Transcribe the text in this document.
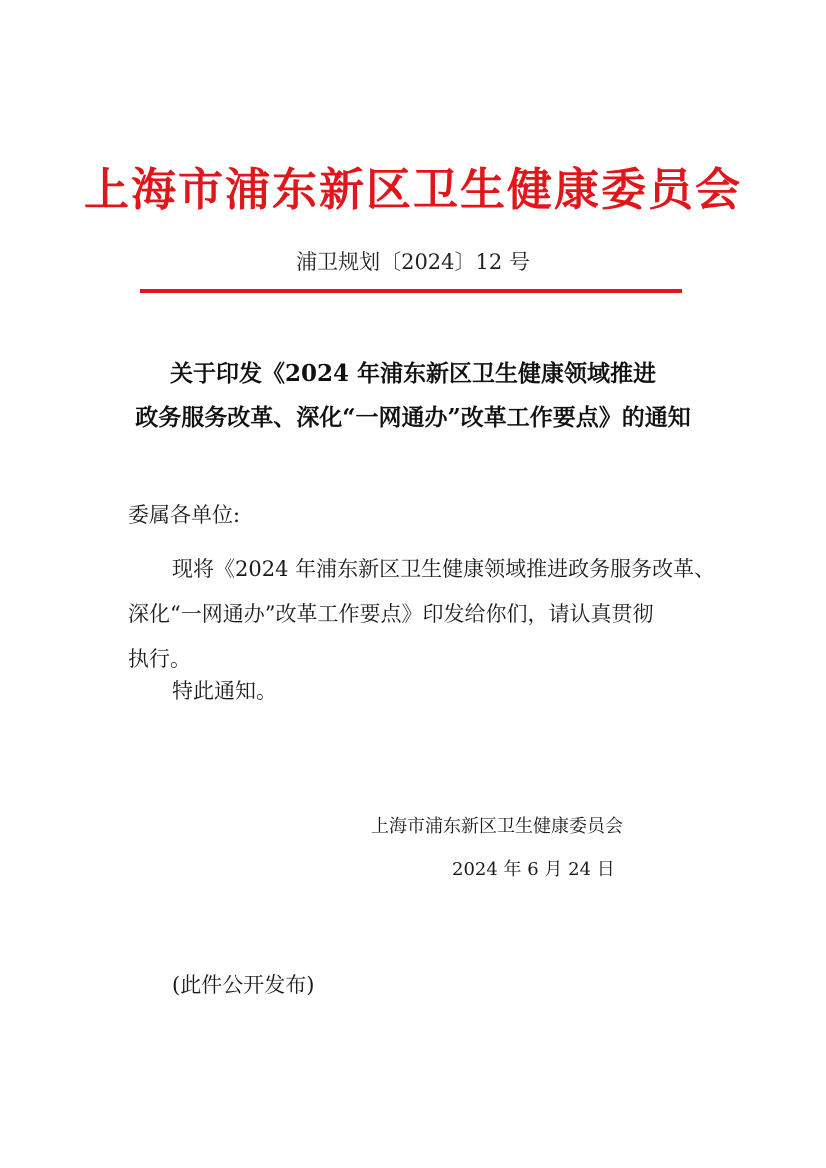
上海市浦东新区卫生健康委员会
浦卫规划〔2024〕12 号
关于印发《2024 年浦东新区卫生健康领域推进
政务服务改革、深化“一网通办”改革工作要点》的通知
委属各单位:
现将《2024 年浦东新区卫生健康领域推进政务服务改革、
深化“一网通办”改革工作要点》印发给你们，请认真贯彻
执行。
特此通知。
上海市浦东新区卫生健康委员会
2024 年 6 月 24 日
(此件公开发布)
